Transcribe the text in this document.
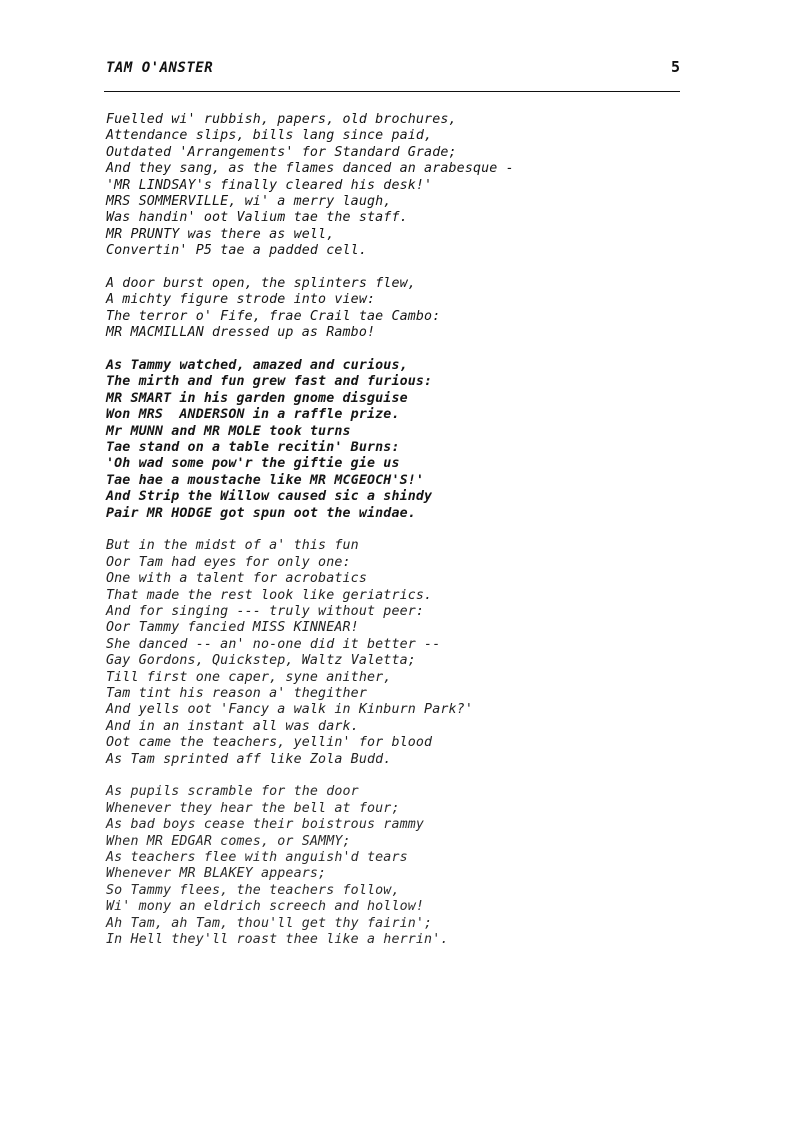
TAM O'ANSTER	5
Fuelled wi' rubbish, papers, old brochures,
Attendance slips, bills lang since paid,
Outdated 'Arrangements' for Standard Grade;
And they sang, as the flames danced an arabesque -
'MR LINDSAY's finally cleared his desk!'
MRS SOMMERVILLE, wi' a merry laugh,
Was handin' oot Valium tae the staff.
MR PRUNTY was there as well,
Convertin' P5 tae a padded cell.
A door burst open, the splinters flew,
A michty figure strode into view:
The terror o' Fife, frae Crail tae Cambo:
MR MACMILLAN dressed up as Rambo!
As Tammy watched, amazed and curious,
The mirth and fun grew fast and furious:
MR SMART in his garden gnome disguise
Won MRS  ANDERSON in a raffle prize.
Mr MUNN and MR MOLE took turns
Tae stand on a table recitin' Burns:
'Oh wad some pow'r the giftie gie us
Tae hae a moustache like MR MCGEOCH'S!'
And Strip the Willow caused sic a shindy
Pair MR HODGE got spun oot the windae.
But in the midst of a' this fun
Oor Tam had eyes for only one:
One with a talent for acrobatics
That made the rest look like geriatrics.
And for singing --- truly without peer:
Oor Tammy fancied MISS KINNEAR!
She danced -- an' no-one did it better --
Gay Gordons, Quickstep, Waltz Valetta;
Till first one caper, syne anither,
Tam tint his reason a' thegither
And yells oot 'Fancy a walk in Kinburn Park?'
And in an instant all was dark.
Oot came the teachers, yellin' for blood
As Tam sprinted aff like Zola Budd.
As pupils scramble for the door
Whenever they hear the bell at four;
As bad boys cease their boistrous rammy
When MR EDGAR comes, or SAMMY;
As teachers flee with anguish'd tears
Whenever MR BLAKEY appears;
So Tammy flees, the teachers follow,
Wi' mony an eldrich screech and hollow!
Ah Tam, ah Tam, thou'll get thy fairin';
In Hell they'll roast thee like a herrin'.
